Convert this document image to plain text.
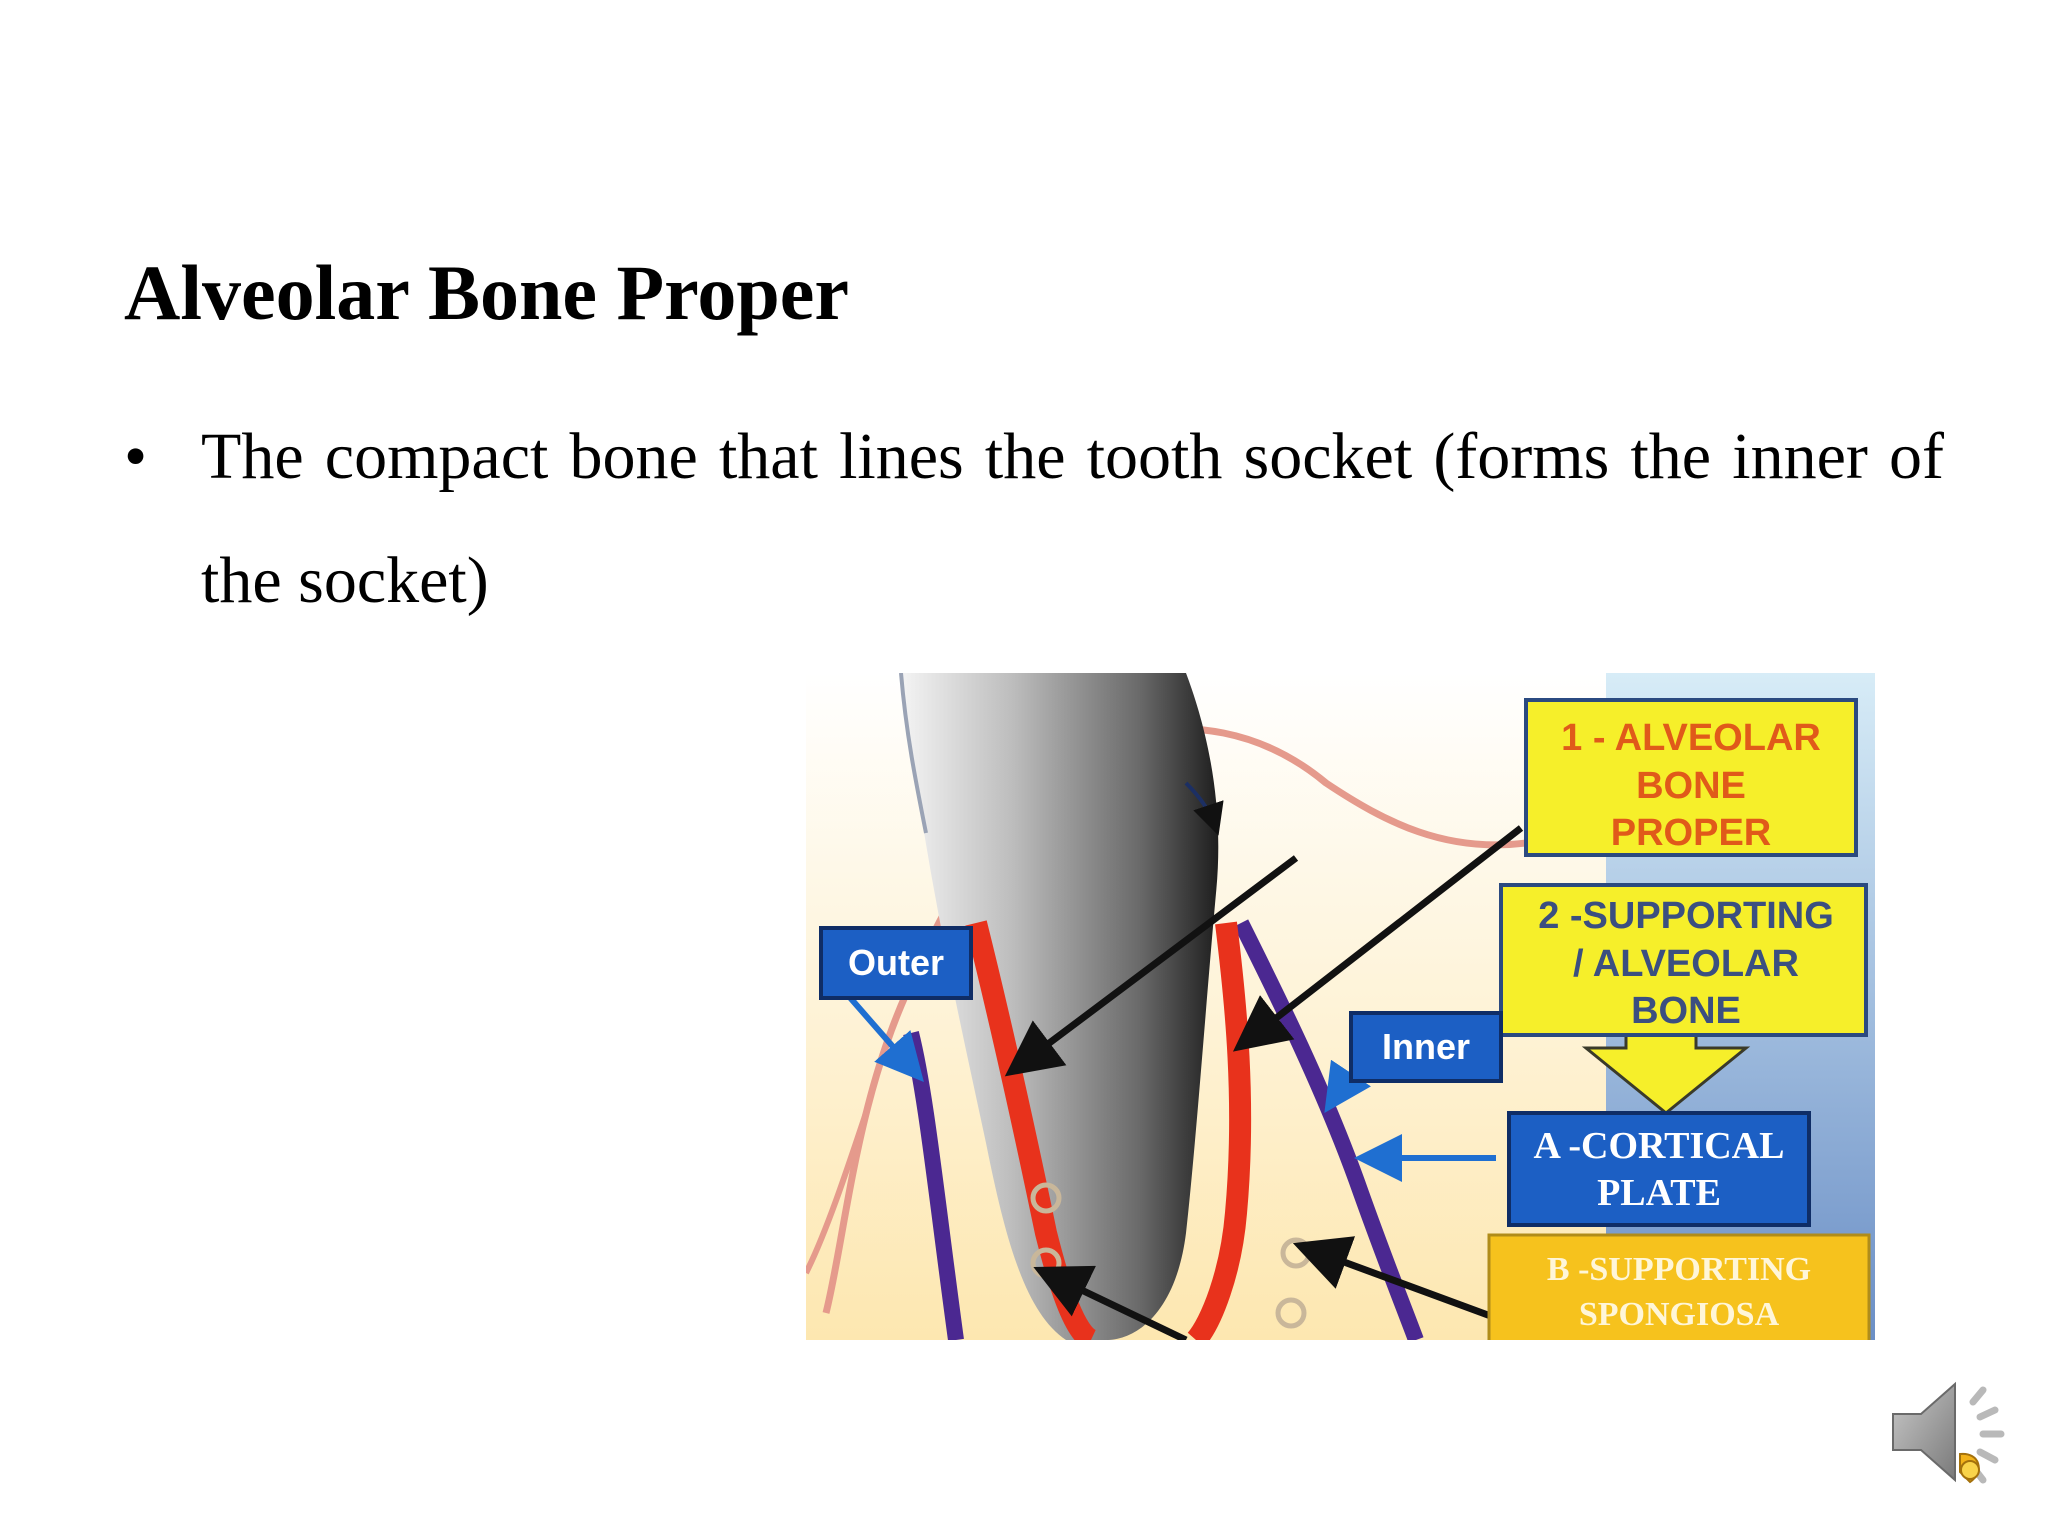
Alveolar Bone Proper
• The compact bone that lines the tooth socket (forms the inner of the socket)
1 - ALVEOLAR
BONE
PROPER
2 -SUPPORTING
/ ALVEOLAR
BONE
Outer
Inner
A -CORTICAL
PLATE
B -SUPPORTING
SPONGIOSA
